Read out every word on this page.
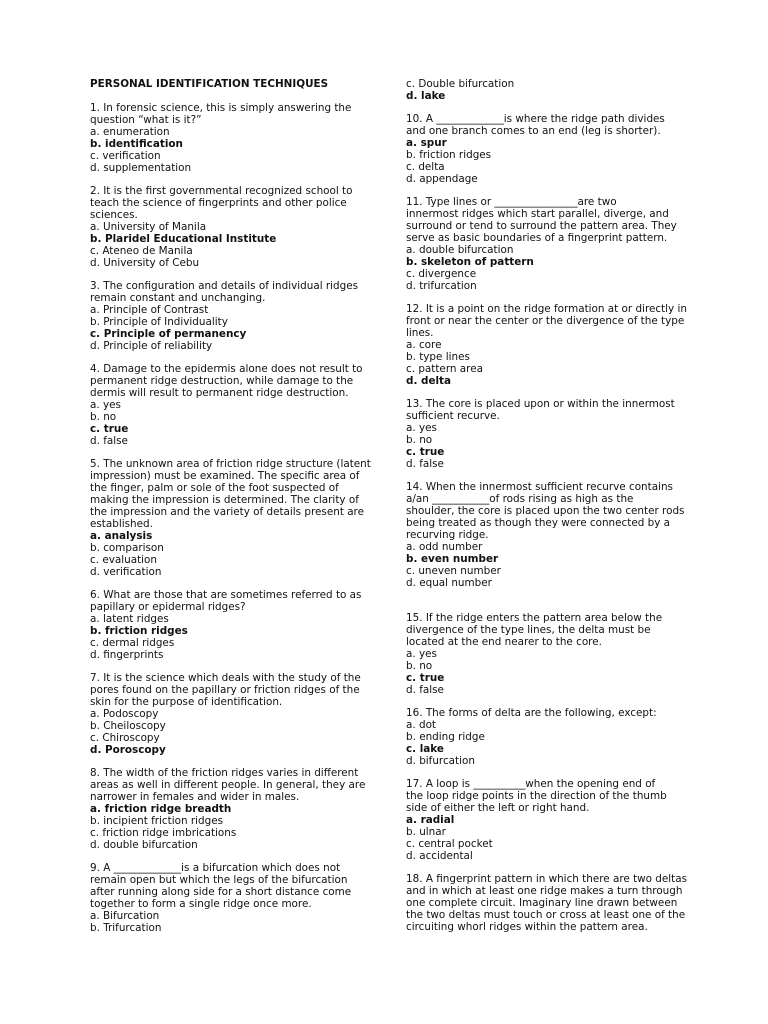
PERSONAL IDENTIFICATION TECHNIQUES
1. In forensic science, this is simply answering the
question “what is it?”
a. enumeration
b. identification
c. verification
d. supplementation
2. It is the first governmental recognized school to
teach the science of fingerprints and other police
sciences.
a. University of Manila
b. Plaridel Educational Institute
c. Ateneo de Manila
d. University of Cebu
3. The configuration and details of individual ridges
remain constant and unchanging.
a. Principle of Contrast
b. Principle of Individuality
c. Principle of permanency
d. Principle of reliability
4. Damage to the epidermis alone does not result to
permanent ridge destruction, while damage to the
dermis will result to permanent ridge destruction.
a. yes
b. no
c. true
d. false
5. The unknown area of friction ridge structure (latent
impression) must be examined. The specific area of
the finger, palm or sole of the foot suspected of
making the impression is determined. The clarity of
the impression and the variety of details present are
established.
a. analysis
b. comparison
c. evaluation
d. verification
6. What are those that are sometimes referred to as
papillary or epidermal ridges?
a. latent ridges
b. friction ridges
c. dermal ridges
d. fingerprints
7. It is the science which deals with the study of the
pores found on the papillary or friction ridges of the
skin for the purpose of identification.
a. Podoscopy
b. Cheiloscopy
c. Chiroscopy
d. Poroscopy
8. The width of the friction ridges varies in different
areas as well in different people. In general, they are
narrower in females and wider in males.
a. friction ridge breadth
b. incipient friction ridges
c. friction ridge imbrications
d. double bifurcation
9. A _____________is a bifurcation which does not
remain open but which the legs of the bifurcation
after running along side for a short distance come
together to form a single ridge once more.
a. Bifurcation
b. Trifurcation
c. Double bifurcation
d. lake
10. A _____________is where the ridge path divides
and one branch comes to an end (leg is shorter).
a. spur
b. friction ridges
c. delta
d. appendage
11. Type lines or ________________are two
innermost ridges which start parallel, diverge, and
surround or tend to surround the pattern area. They
serve as basic boundaries of a fingerprint pattern.
a. double bifurcation
b. skeleton of pattern
c. divergence
d. trifurcation
12. It is a point on the ridge formation at or directly in
front or near the center or the divergence of the type
lines.
a. core
b. type lines
c. pattern area
d. delta
13. The core is placed upon or within the innermost
sufficient recurve.
a. yes
b. no
c. true
d. false
14. When the innermost sufficient recurve contains
a/an ___________of rods rising as high as the
shoulder, the core is placed upon the two center rods
being treated as though they were connected by a
recurving ridge.
a. odd number
b. even number
c. uneven number
d. equal number
15. If the ridge enters the pattern area below the
divergence of the type lines, the delta must be
located at the end nearer to the core.
a. yes
b. no
c. true
d. false
16. The forms of delta are the following, except:
a. dot
b. ending ridge
c. lake
d. bifurcation
17. A loop is __________when the opening end of
the loop ridge points in the direction of the thumb
side of either the left or right hand.
a. radial
b. ulnar
c. central pocket
d. accidental
18. A fingerprint pattern in which there are two deltas
and in which at least one ridge makes a turn through
one complete circuit. Imaginary line drawn between
the two deltas must touch or cross at least one of the
circuiting whorl ridges within the pattern area.
